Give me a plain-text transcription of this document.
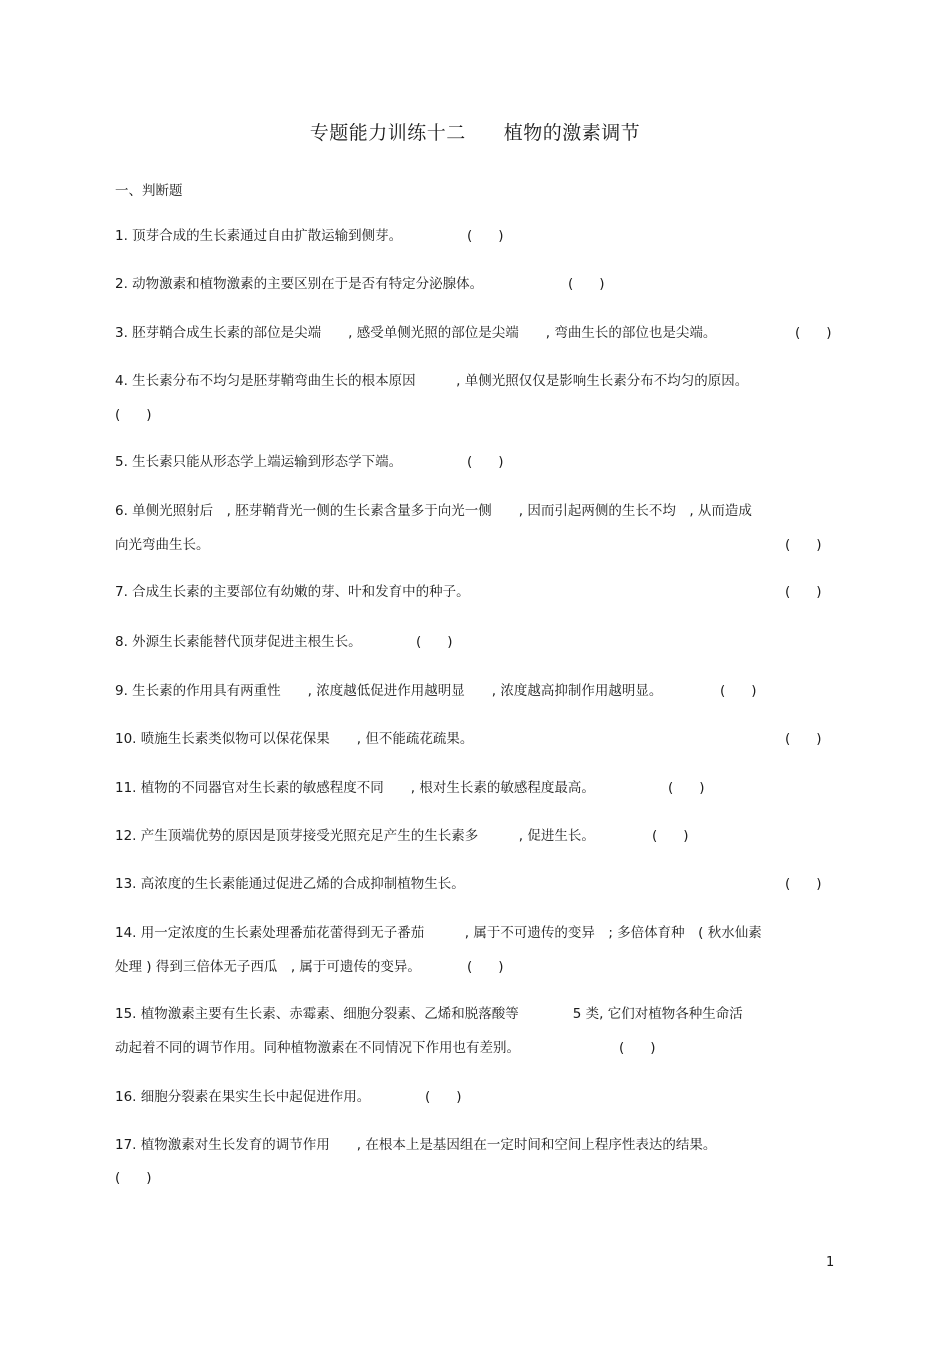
专题能力训练十二 植物的激素调节
一、判断题
1. 顶芽合成的生长素通过自由扩散运输到侧芽。	( )
2. 动物激素和植物激素的主要区别在于是否有特定分泌腺体。	( )
3. 胚芽鞘合成生长素的部位是尖端　　, 感受单侧光照的部位是尖端　　, 弯曲生长的部位也是尖端。	( )
4. 生长素分布不均匀是胚芽鞘弯曲生长的根本原因　　　, 单侧光照仅仅是影响生长素分布不均匀的原因。
( )
5. 生长素只能从形态学上端运输到形态学下端。	( )
6. 单侧光照射后　, 胚芽鞘背光一侧的生长素含量多于向光一侧　　, 因而引起两侧的生长不均　, 从而造成
向光弯曲生长。	( )
7. 合成生长素的主要部位有幼嫩的芽、叶和发育中的种子。	( )
8. 外源生长素能替代顶芽促进主根生长。	( )
9. 生长素的作用具有两重性　　, 浓度越低促进作用越明显　　, 浓度越高抑制作用越明显。	( )
10. 喷施生长素类似物可以保花保果　　, 但不能疏花疏果。	( )
11. 植物的不同器官对生长素的敏感程度不同　　, 根对生长素的敏感程度最高。	( )
12. 产生顶端优势的原因是顶芽接受光照充足产生的生长素多　　　, 促进生长。	( )
13. 高浓度的生长素能通过促进乙烯的合成抑制植物生长。	( )
14. 用一定浓度的生长素处理番茄花蕾得到无子番茄　　　, 属于不可遗传的变异　; 多倍体育种　( 秋水仙素
处理 ) 得到三倍体无子西瓜　, 属于可遗传的变异。	( )
15. 植物激素主要有生长素、赤霉素、细胞分裂素、乙烯和脱落酸等　　　　5 类, 它们对植物各种生命活
动起着不同的调节作用。同种植物激素在不同情况下作用也有差别。	( )
16. 细胞分裂素在果实生长中起促进作用。	( )
17. 植物激素对生长发育的调节作用　　, 在根本上是基因组在一定时间和空间上程序性表达的结果。
( )
1
